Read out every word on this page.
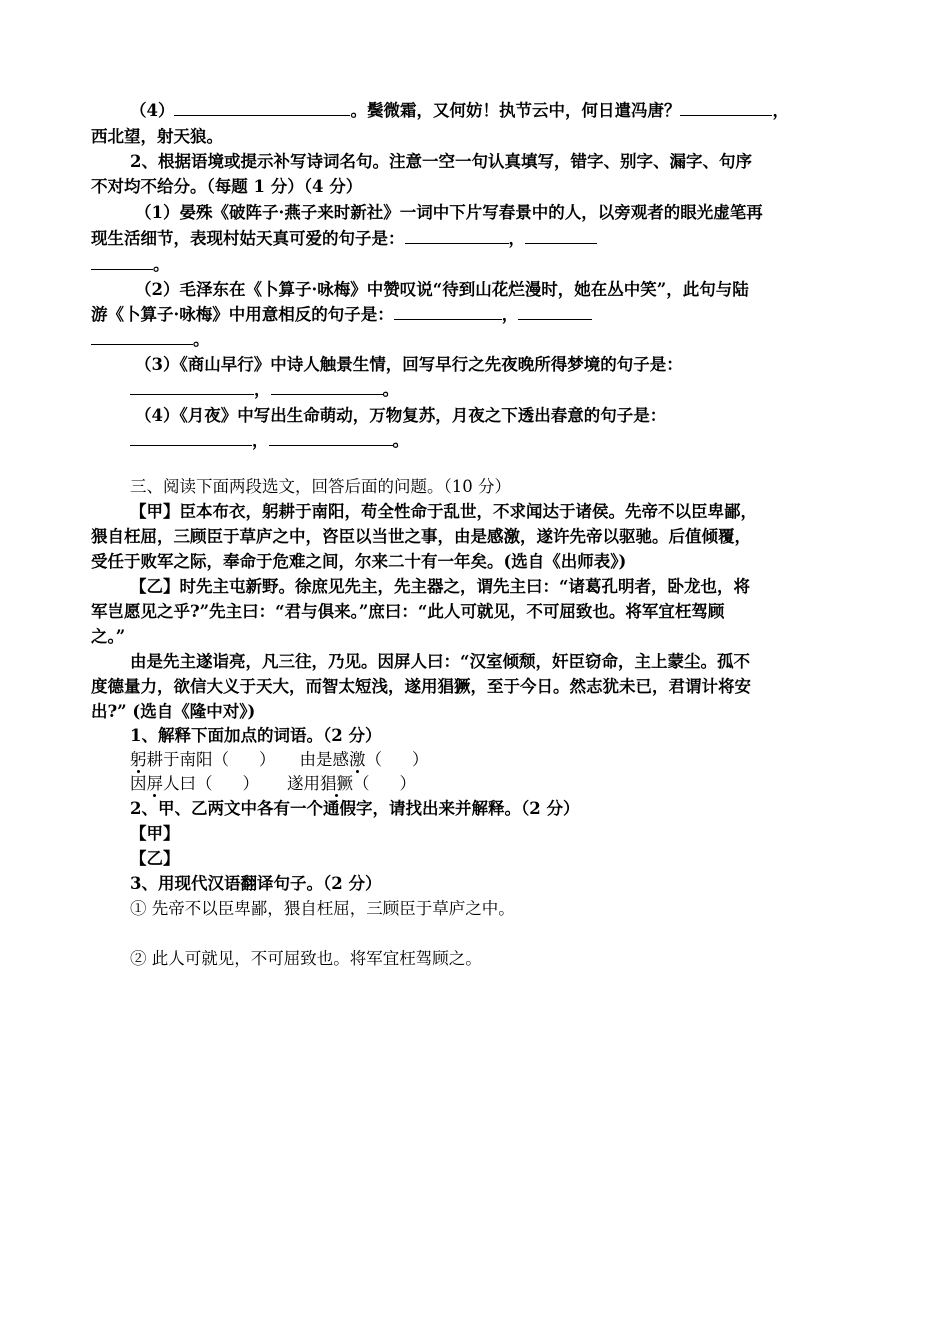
（4）	。鬓微霜，又何妨！执节云中，何日遣冯唐？	，
西北望，射天狼。
2、根据语境或提示补写诗词名句。注意一空一句认真填写，错字、别字、漏字、句序
不对均不给分。（每题 1 分）（4 分）
（1）晏殊《破阵子·燕子来时新社》一词中下片写春景中的人，以旁观者的眼光虚笔再
现生活细节，表现村姑天真可爱的句子是：	，
。
（2）毛泽东在《卜算子·咏梅》中赞叹说“待到山花烂漫时，她在丛中笑”，此句与陆
游《卜算子·咏梅》中用意相反的句子是：	，
。
（3）《商山早行》中诗人触景生情，回写早行之先夜晚所得梦境的句子是：
，	。
（4）《月夜》中写出生命萌动，万物复苏，月夜之下透出春意的句子是：
，	。
三、阅读下面两段选文，回答后面的问题。（10 分）
【甲】臣本布衣，躬耕于南阳，苟全性命于乱世，不求闻达于诸侯。先帝不以臣卑鄙，
猥自枉屈，三顾臣于草庐之中，咨臣以当世之事，由是感激，遂许先帝以驱驰。后值倾覆，
受任于败军之际，奉命于危难之间，尔来二十有一年矣。(选自《出师表》)
【乙】时先主屯新野。徐庶见先主，先主器之，谓先主曰：“诸葛孔明者，卧龙也，将
军岂愿见之乎?”先主曰：“君与俱来。”庶曰：“此人可就见，不可屈致也。将军宜枉驾顾
之。”
由是先主遂诣亮，凡三往，乃见。因屏人曰：“汉室倾颓，奸臣窃命，主上蒙尘。孤不
度德量力，欲信大义于天大，而智太短浅，遂用猖獗，至于今日。然志犹未已，君谓计将安
出?” (选自《隆中对》)
1、解释下面加点的词语。（2 分）
躬耕于南阳（ ） 由是感激（ ）
因屏人曰（ ） 遂用猖獗（ ）
2、甲、乙两文中各有一个通假字，请找出来并解释。（2 分）
【甲】
【乙】
3、用现代汉语翻译句子。（2 分）
① 先帝不以臣卑鄙，猥自枉屈，三顾臣于草庐之中。
② 此人可就见，不可屈致也。将军宜枉驾顾之。
